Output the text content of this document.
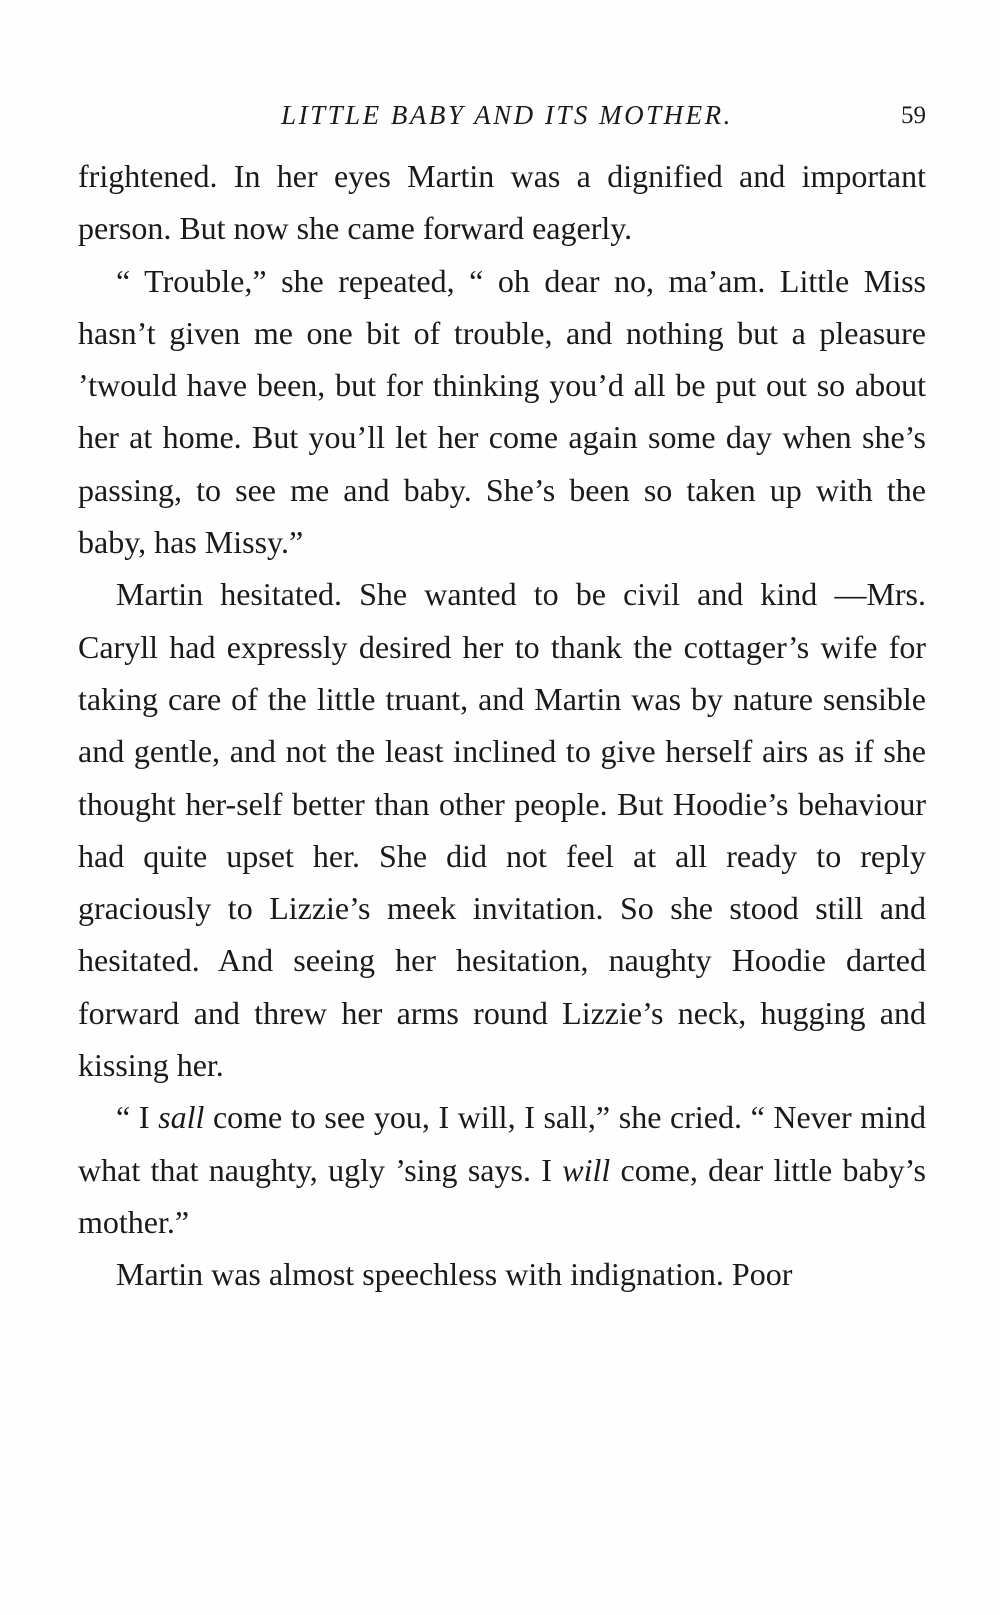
LITTLE BABY AND ITS MOTHER.	59

frightened. In her eyes Martin was a dignified and important person. But now she came forward eagerly.

“ Trouble,” she repeated, “ oh dear no, ma’am. Little Miss hasn’t given me one bit of trouble, and nothing but a pleasure ’twould have been, but for thinking you’d all be put out so about her at home. But you’ll let her come again some day when she’s passing, to see me and baby. She’s been so taken up with the baby, has Missy.”

Martin hesitated. She wanted to be civil and kind —Mrs. Caryll had expressly desired her to thank the cottager’s wife for taking care of the little truant, and Martin was by nature sensible and gentle, and not the least inclined to give herself airs as if she thought her-self better than other people. But Hoodie’s behaviour had quite upset her. She did not feel at all ready to reply graciously to Lizzie’s meek invitation. So she stood still and hesitated. And seeing her hesitation, naughty Hoodie darted forward and threw her arms round Lizzie’s neck, hugging and kissing her.

“ I sall come to see you, I will, I sall,” she cried. “ Never mind what that naughty, ugly ’sing says. I will come, dear little baby’s mother.”

Martin was almost speechless with indignation. Poor
